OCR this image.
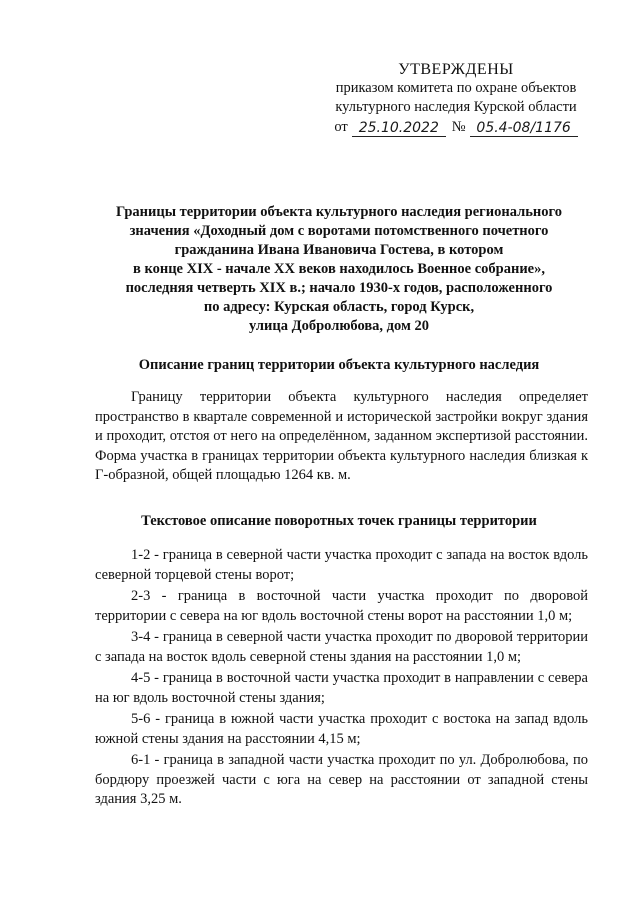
УТВЕРЖДЕНЫ
приказом комитета по охране объектов
культурного наследия Курской области
от 25.10.2022 № 05.4-08/1176
Границы территории объекта культурного наследия регионального
значения «Доходный дом с воротами потомственного почетного
гражданина Ивана Ивановича Гостева, в котором
в конце XIX - начале XX веков находилось Военное собрание»,
последняя четверть XIX в.; начало 1930-х годов, расположенного
по адресу: Курская область, город Курск,
улица Добролюбова, дом 20
Описание границ территории объекта культурного наследия
Границу территории объекта культурного наследия определяет пространство в квартале современной и исторической застройки вокруг здания и проходит, отстоя от него на определённом, заданном экспертизой расстоянии. Форма участка в границах территории объекта культурного наследия близкая к Г-образной, общей площадью 1264 кв. м.
Текстовое описание поворотных точек границы территории

1-2 - граница в северной части участка проходит с запада на восток вдоль северной торцевой стены ворот;

2-3 - граница в восточной части участка проходит по дворовой территории с севера на юг вдоль восточной стены ворот на расстоянии 1,0 м;

3-4 - граница в северной части участка проходит по дворовой территории с запада на восток вдоль северной стены здания на расстоянии 1,0 м;

4-5 - граница в восточной части участка проходит в направлении с севера на юг вдоль восточной стены здания;

5-6 - граница в южной части участка проходит с востока на запад вдоль южной стены здания на расстоянии 4,15 м;

6-1 - граница в западной части участка проходит по ул. Добролюбова, по бордюру проезжей части с юга на север на расстоянии от западной стены здания 3,25 м.
